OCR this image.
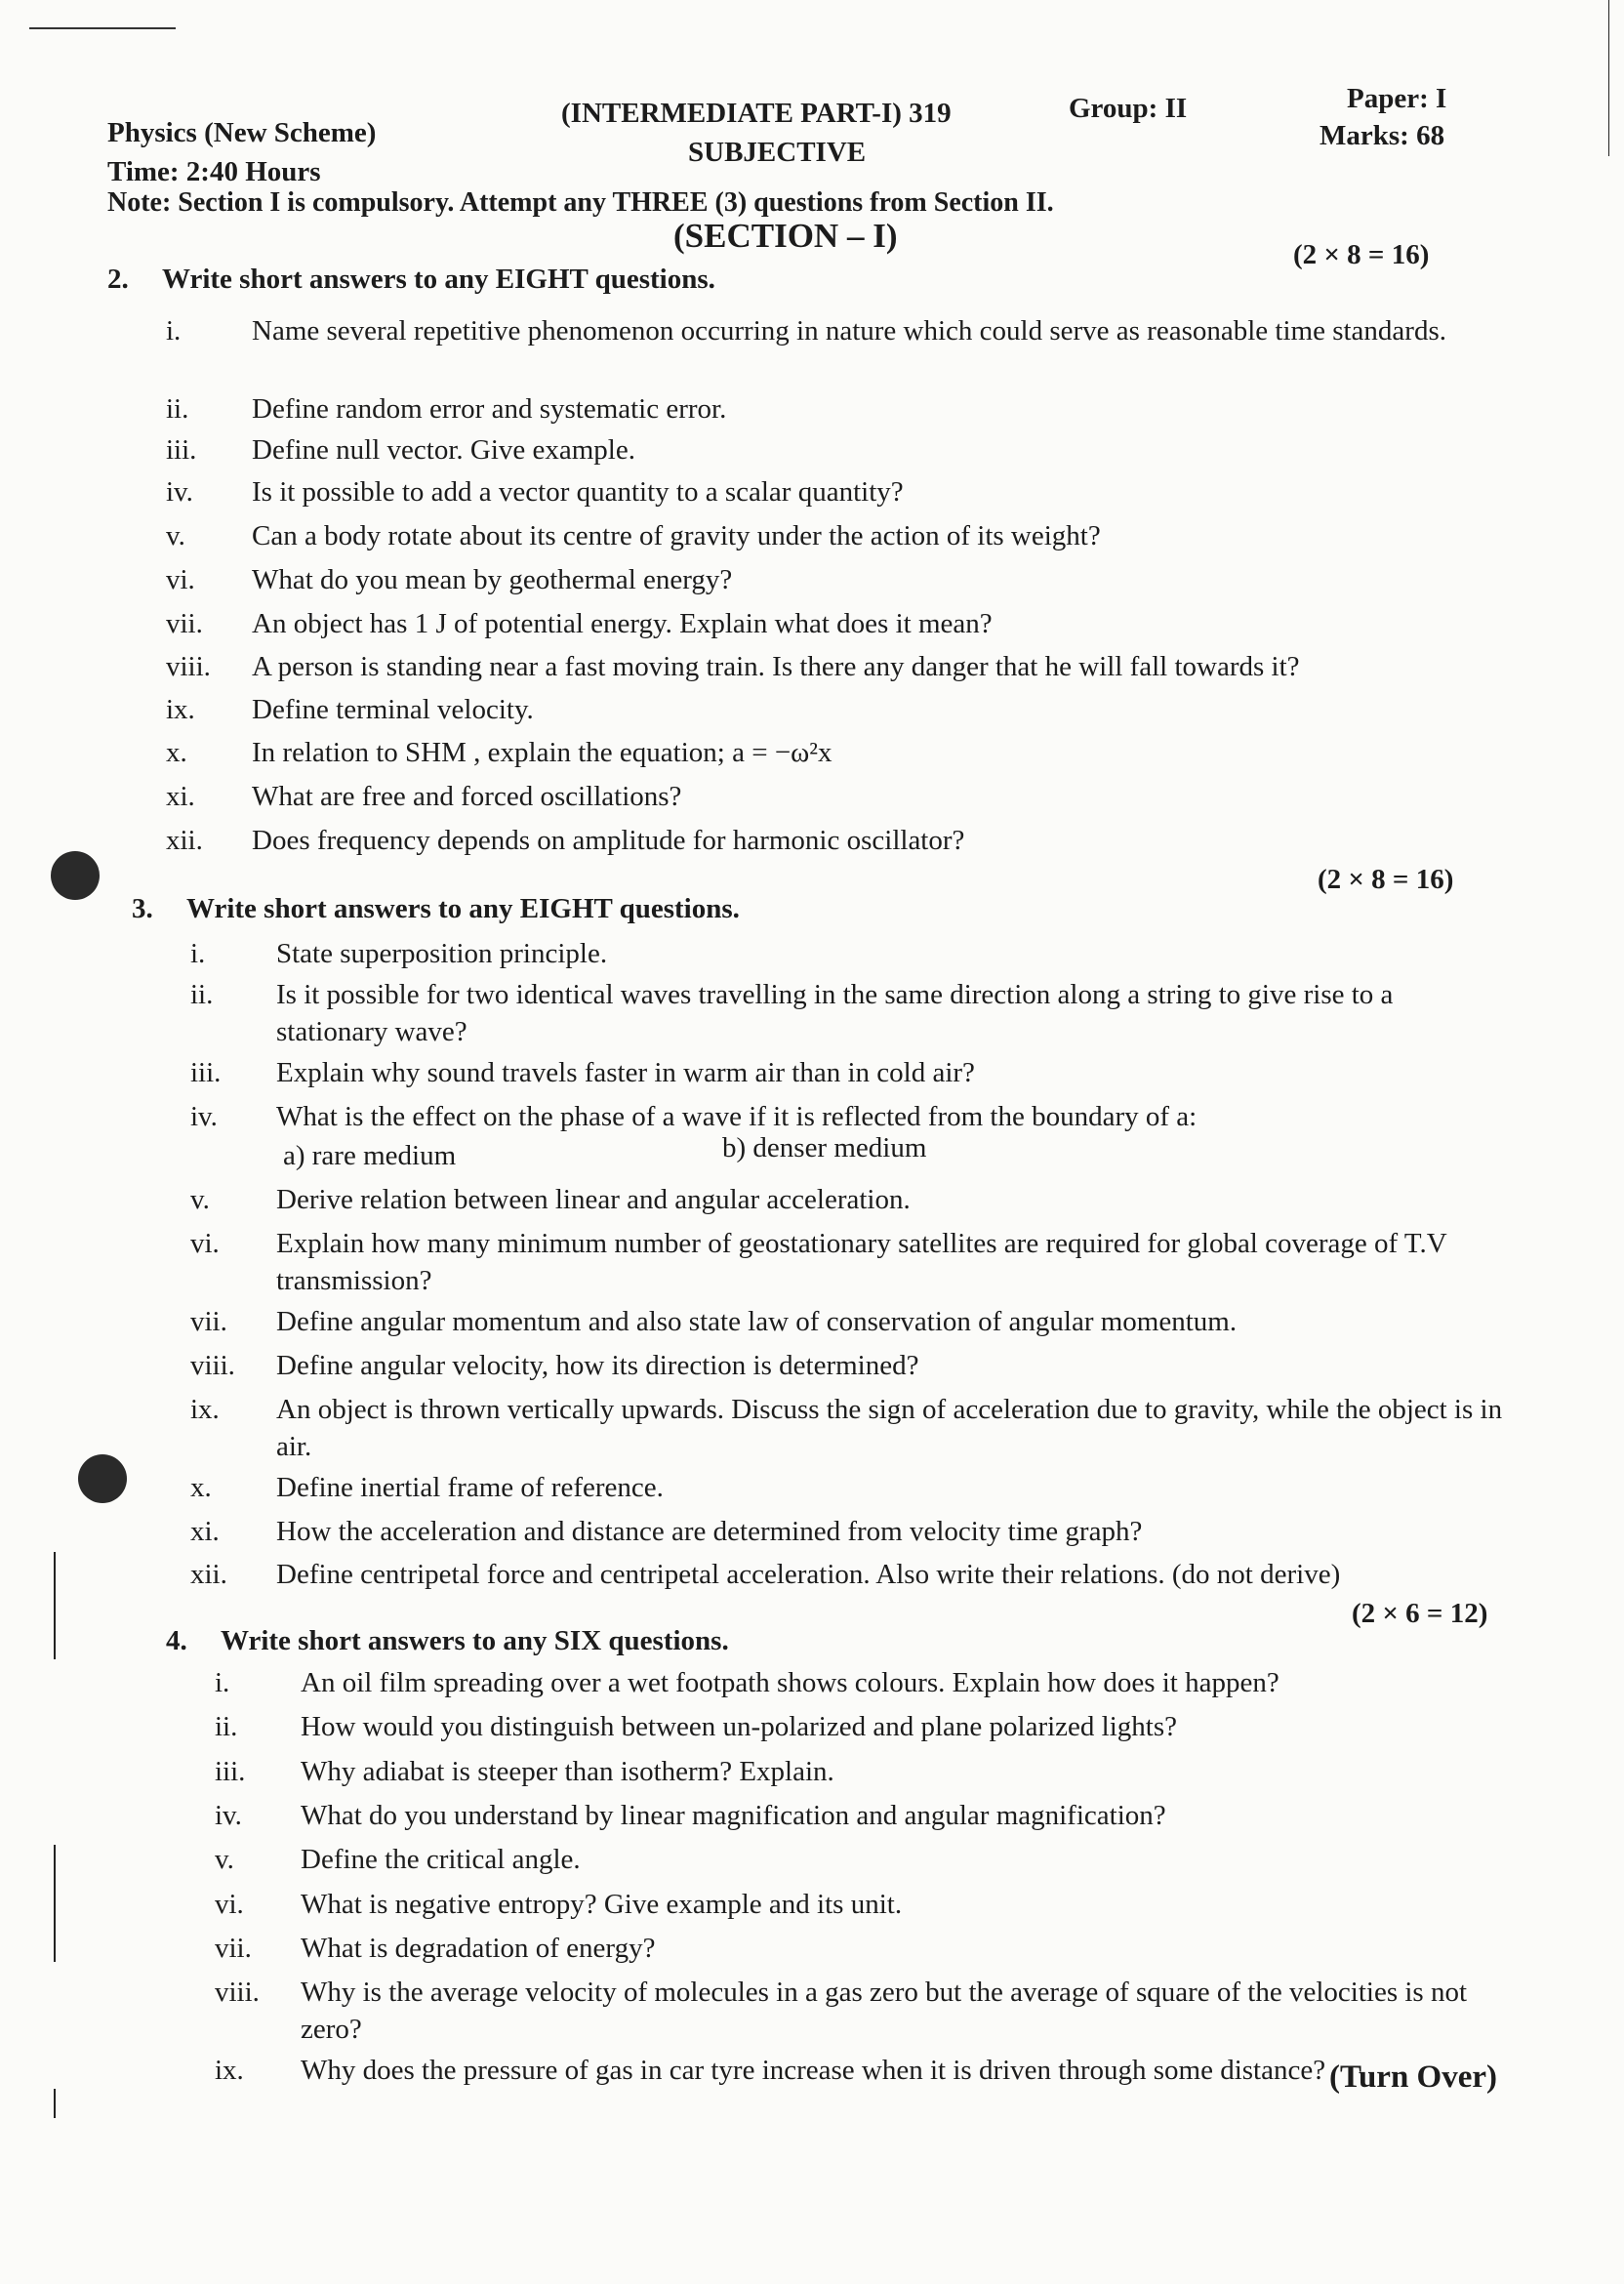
Physics (New Scheme)
Time: 2:40 Hours
(INTERMEDIATE PART-I) 319
SUBJECTIVE
Group: II	Paper: I
Marks: 68
Note: Section I is compulsory. Attempt any THREE (3) questions from Section II.
(SECTION – I)
2. Write short answers to any EIGHT questions.
(2 × 8 = 16)
i.	Name several repetitive phenomenon occurring in nature which could serve as reasonable time standards.
ii.	Define random error and systematic error.
iii.	Define null vector. Give example.
iv.	Is it possible to add a vector quantity to a scalar quantity?
v.	Can a body rotate about its centre of gravity under the action of its weight?
vi.	What do you mean by geothermal energy?
vii.	An object has 1 J of potential energy. Explain what does it mean?
viii.	A person is standing near a fast moving train. Is there any danger that he will fall towards it?
ix.	Define terminal velocity.
x.	In relation to SHM , explain the equation; a = −ω²x
xi.	What are free and forced oscillations?
xii.	Does frequency depends on amplitude for harmonic oscillator?
3. Write short answers to any EIGHT questions.
(2 × 8 = 16)
i.	State superposition principle.
ii.	Is it possible for two identical waves travelling in the same direction along a string to give rise to a stationary wave?
iii.	Explain why sound travels faster in warm air than in cold air?
iv.	What is the effect on the phase of a wave if it is reflected from the boundary of a:
v.	Derive relation between linear and angular acceleration.
vi.	Explain how many minimum number of geostationary satellites are required for global coverage of T.V transmission?
vii.	Define angular momentum and also state law of conservation of angular momentum.
viii.	Define angular velocity, how its direction is determined?
ix.	An object is thrown vertically upwards. Discuss the sign of acceleration due to gravity, while the object is in air.
x.	Define inertial frame of reference.
xi.	How the acceleration and distance are determined from velocity time graph?
xii.	Define centripetal force and centripetal acceleration. Also write their relations. (do not derive)
a) rare medium	b) denser medium
4. Write short answers to any SIX questions.
(2 × 6 = 12)
i.	An oil film spreading over a wet footpath shows colours. Explain how does it happen?
ii.	How would you distinguish between un-polarized and plane polarized lights?
iii.	Why adiabat is steeper than isotherm? Explain.
iv.	What do you understand by linear magnification and angular magnification?
v.	Define the critical angle.
vi.	What is negative entropy? Give example and its unit.
vii.	What is degradation of energy?
viii.	Why is the average velocity of molecules in a gas zero but the average of square of the velocities is not zero?
ix.	Why does the pressure of gas in car tyre increase when it is driven through some distance? (Turn Over)
